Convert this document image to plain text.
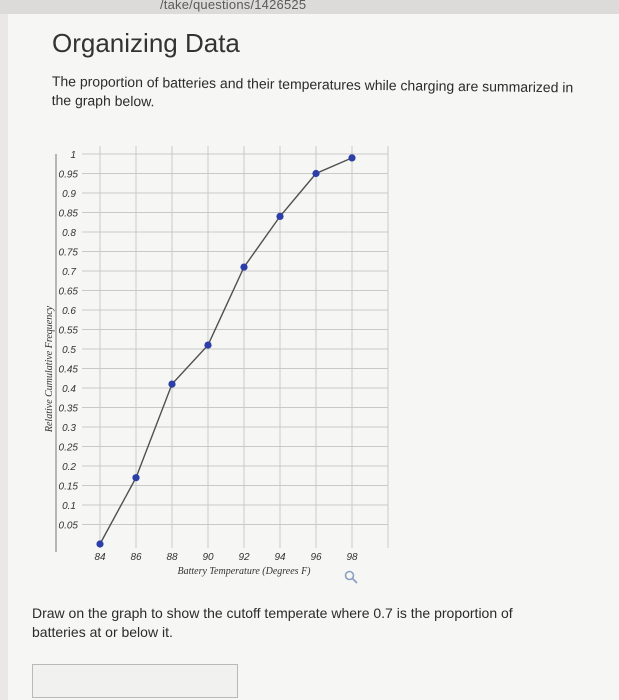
/take/questions/1426525
Organizing Data
The proportion of batteries and their temperatures while charging are summarized in the graph below.
0.05
0.1
0.15
0.2
0.25
0.3
0.35
0.4
0.45
0.5
0.55
0.6
0.65
0.7
0.75
0.8
0.85
0.9
0.95
1
84 86 88 90 92 94 96 98
Battery Temperature (Degrees F)
Relative Cumulative Frequency
Draw on the graph to show the cutoff temperate where 0.7 is the proportion of batteries at or below it.
